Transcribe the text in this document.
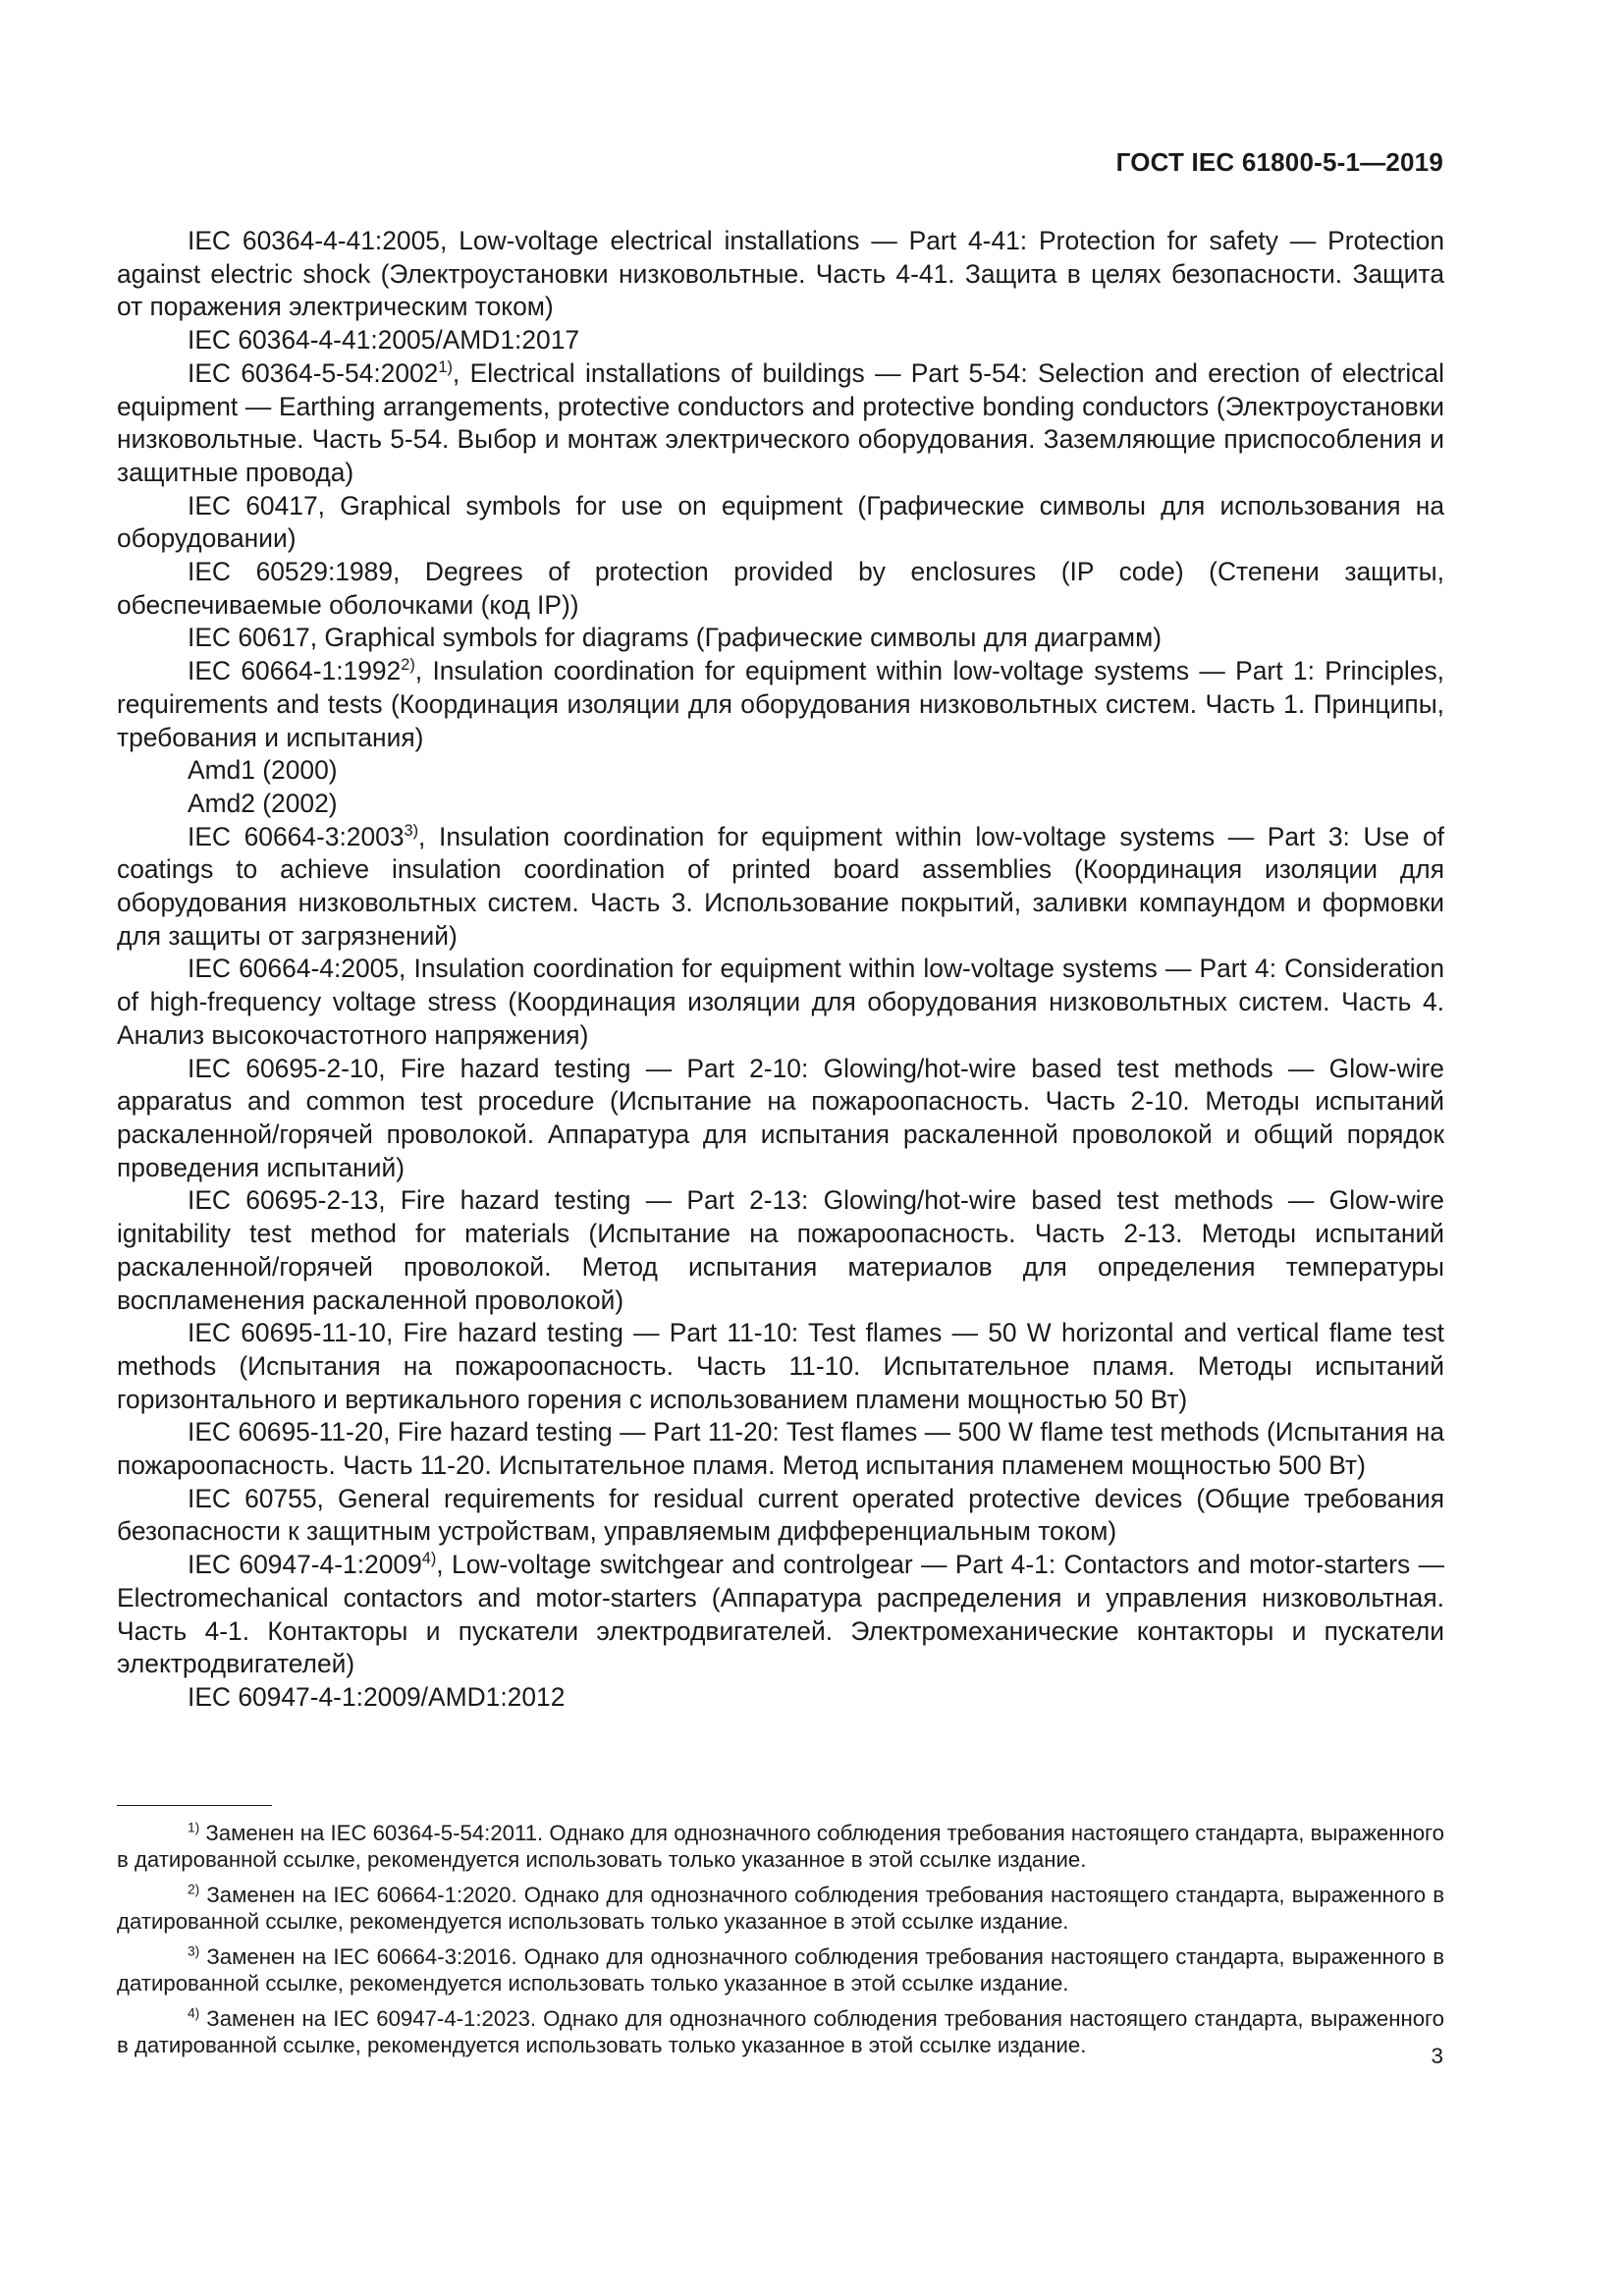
ГОСТ IEC 61800-5-1—2019

IEC 60364-4-41:2005, Low-voltage electrical installations — Part 4-41: Protection for safety — Protection against electric shock (Электроустановки низковольтные. Часть 4-41. Защита в целях безопасности. Защита от поражения электрическим током)

IEC 60364-4-41:2005/AMD1:2017

IEC 60364-5-54:2002$^{1)}$, Electrical installations of buildings — Part 5-54: Selection and erection of electrical equipment — Earthing arrangements, protective conductors and protective bonding conductors (Электроустановки низковольтные. Часть 5-54. Выбор и монтаж электрического оборудования. Заземляющие приспособления и защитные провода)

IEC 60417, Graphical symbols for use on equipment (Графические символы для использования на оборудовании)

IEC 60529:1989, Degrees of protection provided by enclosures (IP code) (Степени защиты, обеспечиваемые оболочками (код IP))

IEC 60617, Graphical symbols for diagrams (Графические символы для диаграмм)

IEC 60664-1:1992$^{2)}$, Insulation coordination for equipment within low-voltage systems — Part 1: Principles, requirements and tests (Координация изоляции для оборудования низковольтных систем. Часть 1. Принципы, требования и испытания)

Amd1 (2000)

Amd2 (2002)

IEC 60664-3:2003$^{3)}$, Insulation coordination for equipment within low-voltage systems — Part 3: Use of coatings to achieve insulation coordination of printed board assemblies (Координация изоляции для оборудования низковольтных систем. Часть 3. Использование покрытий, заливки компаундом и формовки для защиты от загрязнений)

IEC 60664-4:2005, Insulation coordination for equipment within low-voltage systems — Part 4: Consideration of high-frequency voltage stress (Координация изоляции для оборудования низковольтных систем. Часть 4. Анализ высокочастотного напряжения)

IEC 60695-2-10, Fire hazard testing — Part 2-10: Glowing/hot-wire based test methods — Glow-wire apparatus and common test procedure (Испытание на пожароопасность. Часть 2-10. Методы испытаний раскаленной/горячей проволокой. Аппаратура для испытания раскаленной проволокой и общий порядок проведения испытаний)

IEC 60695-2-13, Fire hazard testing — Part 2-13: Glowing/hot-wire based test methods — Glow-wire ignitability test method for materials (Испытание на пожароопасность. Часть 2-13. Методы испытаний раскаленной/горячей проволокой. Метод испытания материалов для определения температуры воспламенения раскаленной проволокой)

IEC 60695-11-10, Fire hazard testing — Part 11-10: Test flames — 50 W horizontal and vertical flame test methods (Испытания на пожароопасность. Часть 11-10. Испытательное пламя. Методы испытаний горизонтального и вертикального горения с использованием пламени мощностью 50 Вт)

IEC 60695-11-20, Fire hazard testing — Part 11-20: Test flames — 500 W flame test methods (Испытания на пожароопасность. Часть 11-20. Испытательное пламя. Метод испытания пламенем мощностью 500 Вт)

IEC 60755, General requirements for residual current operated protective devices (Общие требования безопасности к защитным устройствам, управляемым дифференциальным током)

IEC 60947-4-1:2009$^{4)}$, Low-voltage switchgear and controlgear — Part 4-1: Contactors and motor-starters — Electromechanical contactors and motor-starters (Аппаратура распределения и управления низковольтная. Часть 4-1. Контакторы и пускатели электродвигателей. Электромеханические контакторы и пускатели электродвигателей)

IEC 60947-4-1:2009/AMD1:2012

$^{1)}$ Заменен на IEC 60364-5-54:2011. Однако для однозначного соблюдения требования настоящего стандарта, выраженного в датированной ссылке, рекомендуется использовать только указанное в этой ссылке издание.

$^{2)}$ Заменен на IEC 60664-1:2020. Однако для однозначного соблюдения требования настоящего стандарта, выраженного в датированной ссылке, рекомендуется использовать только указанное в этой ссылке издание.

$^{3)}$ Заменен на IEC 60664-3:2016. Однако для однозначного соблюдения требования настоящего стандарта, выраженного в датированной ссылке, рекомендуется использовать только указанное в этой ссылке издание.

$^{4)}$ Заменен на IEC 60947-4-1:2023. Однако для однозначного соблюдения требования настоящего стандарта, выраженного в датированной ссылке, рекомендуется использовать только указанное в этой ссылке издание.	3
